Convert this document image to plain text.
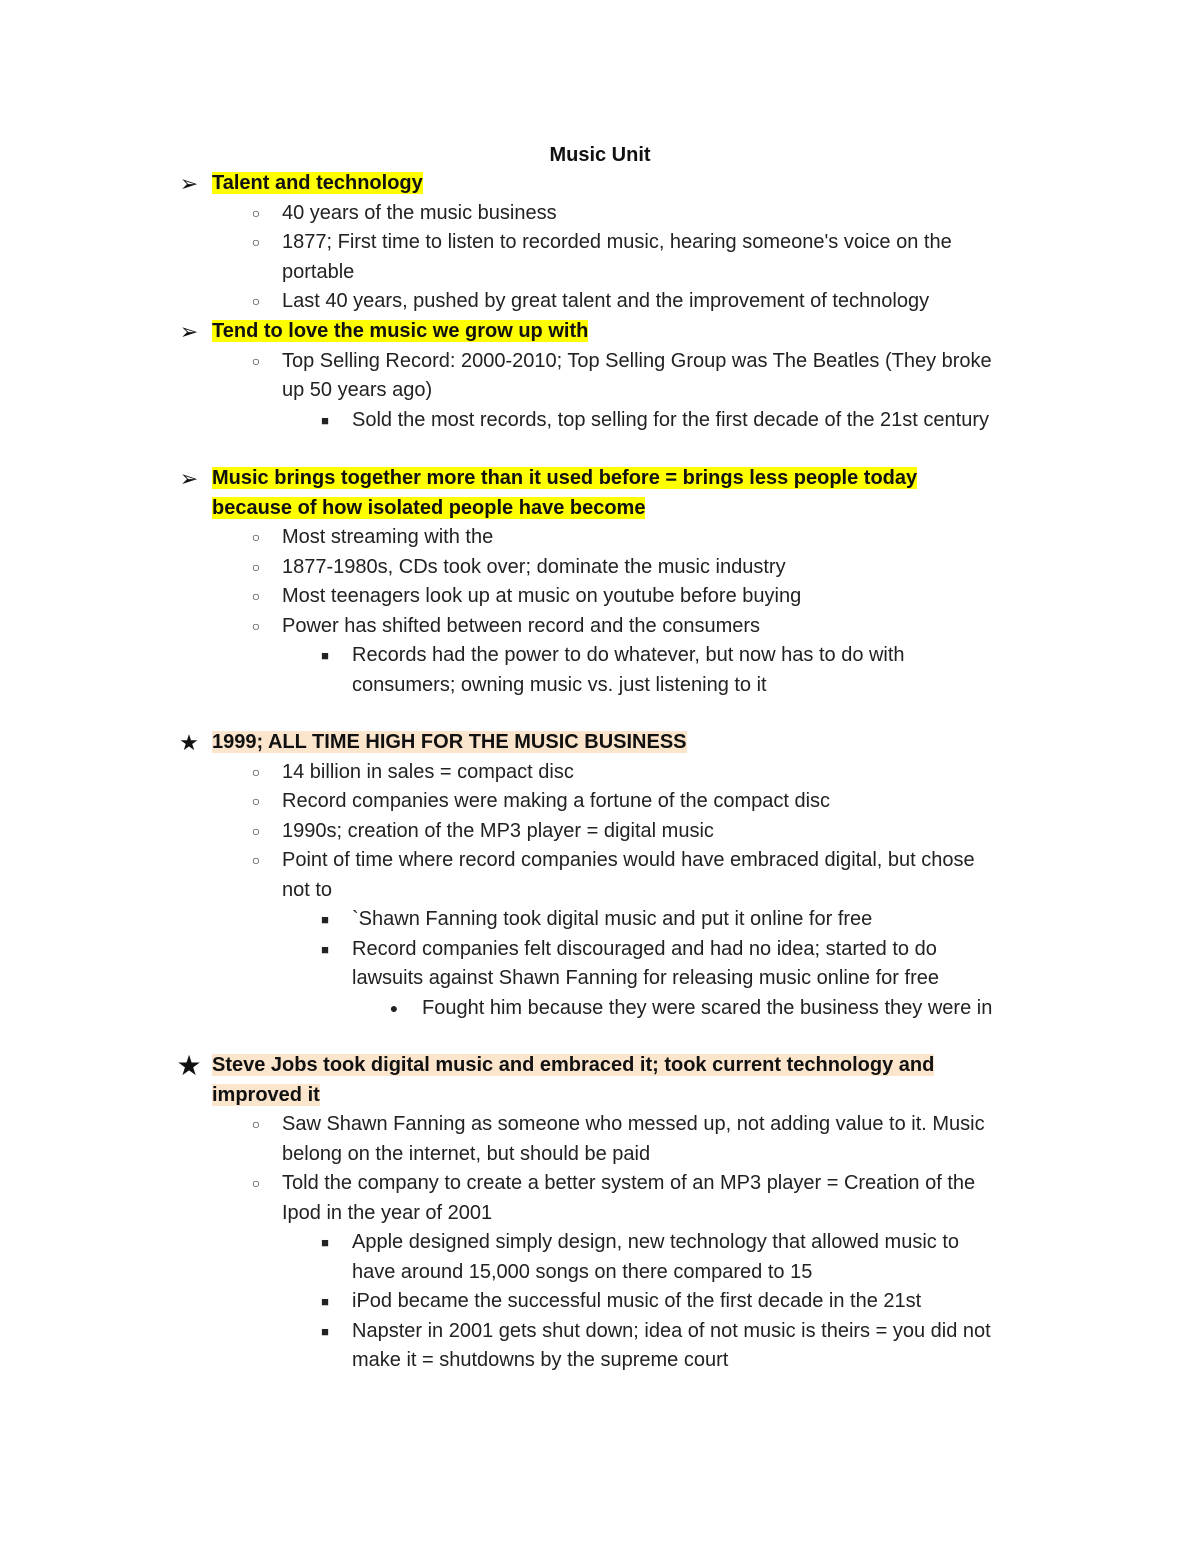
Music Unit
➢ Talent and technology
○	40 years of the music business
○	1877; First time to listen to recorded music, hearing someone's voice on the
portable
○	Last 40 years, pushed by great talent and the improvement of technology
➢ Tend to love the music we grow up with
○	Top Selling Record: 2000-2010; Top Selling Group was The Beatles (They broke
up 50 years ago)
■	Sold the most records, top selling for the first decade of the 21st century
➢ Music brings together more than it used before = brings less people today
because of how isolated people have become
○	Most streaming with the
○	1877-1980s, CDs took over; dominate the music industry
○	Most teenagers look up at music on youtube before buying
○	Power has shifted between record and the consumers
■	Records had the power to do whatever, but now has to do with
consumers; owning music vs. just listening to it
★ 1999; ALL TIME HIGH FOR THE MUSIC BUSINESS
○	14 billion in sales = compact disc
○	Record companies were making a fortune of the compact disc
○	1990s; creation of the MP3 player = digital music
○	Point of time where record companies would have embraced digital, but chose
not to
■	`Shawn Fanning took digital music and put it online for free
■	Record companies felt discouraged and had no idea; started to do
lawsuits against Shawn Fanning for releasing music online for free
● Fought him because they were scared the business they were in
★ Steve Jobs took digital music and embraced it; took current technology and
improved it
○	Saw Shawn Fanning as someone who messed up, not adding value to it. Music
belong on the internet, but should be paid
○	Told the company to create a better system of an MP3 player = Creation of the
Ipod in the year of 2001
■	Apple designed simply design, new technology that allowed music to
have around 15,000 songs on there compared to 15
■	iPod became the successful music of the first decade in the 21st
■	Napster in 2001 gets shut down; idea of not music is theirs = you did not
make it = shutdowns by the supreme court
